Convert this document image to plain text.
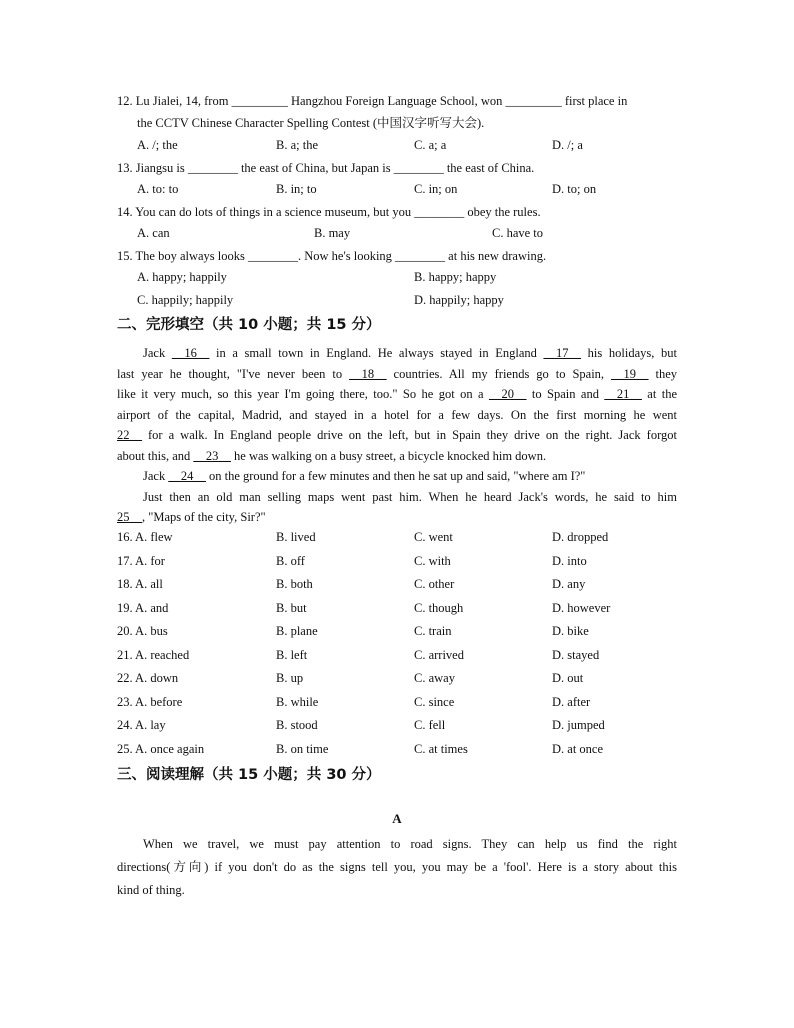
12. Lu Jialei, 14, from _________ Hangzhou Foreign Language School, won _________ first place in
the CCTV Chinese Character Spelling Contest (中国汉字听写大会).
A. /; the	B. a; the	C. a; a	D. /; a
13. Jiangsu is ________ the east of China, but Japan is ________ the east of China.
A. to: to	B. in; to	C. in; on	D. to; on
14. You can do lots of things in a science museum, but you ________ obey the rules.
A. can	B. may	C. have to
15. The boy always looks ________. Now he's looking ________ at his new drawing.
A. happy; happily	B. happy; happy
C. happily; happily	D. happily; happy
二、完形填空（共 10 小题；共 15 分）
Jack __16__ in a small town in England. He always stayed in England __17__ his holidays, but
last year he thought, "I've never been to __18__ countries. All my friends go to Spain, __19__ they
like it very much, so this year I'm going there, too." So he got on a __20__ to Spain and __21__ at the
airport of the capital, Madrid, and stayed in a hotel for a few days. On the first morning he went
22__ for a walk. In England people drive on the left, but in Spain they drive on the right. Jack forgot
about this, and __23__ he was walking on a busy street, a bicycle knocked him down.
Jack __24__ on the ground for a few minutes and then he sat up and said, "where am I?"
Just then an old man selling maps went past him. When he heard Jack's words, he said to him
25__, "Maps of the city, Sir?"
16. A. flew	B. lived	C. went	D. dropped
17. A. for	B. off	C. with	D. into
18. A. all	B. both	C. other	D. any
19. A. and	B. but	C. though	D. however
20. A. bus	B. plane	C. train	D. bike
21. A. reached	B. left	C. arrived	D. stayed
22. A. down	B. up	C. away	D. out
23. A. before	B. while	C. since	D. after
24. A. lay	B. stood	C. fell	D. jumped
25. A. once again	B. on time	C. at times	D. at once
三、阅读理解（共 15 小题；共 30 分）
A
When we travel, we must pay attention to road signs. They can help us find the right
directions(方向) if you don't do as the signs tell you, you may be a 'fool'. Here is a story about this
kind of thing.
